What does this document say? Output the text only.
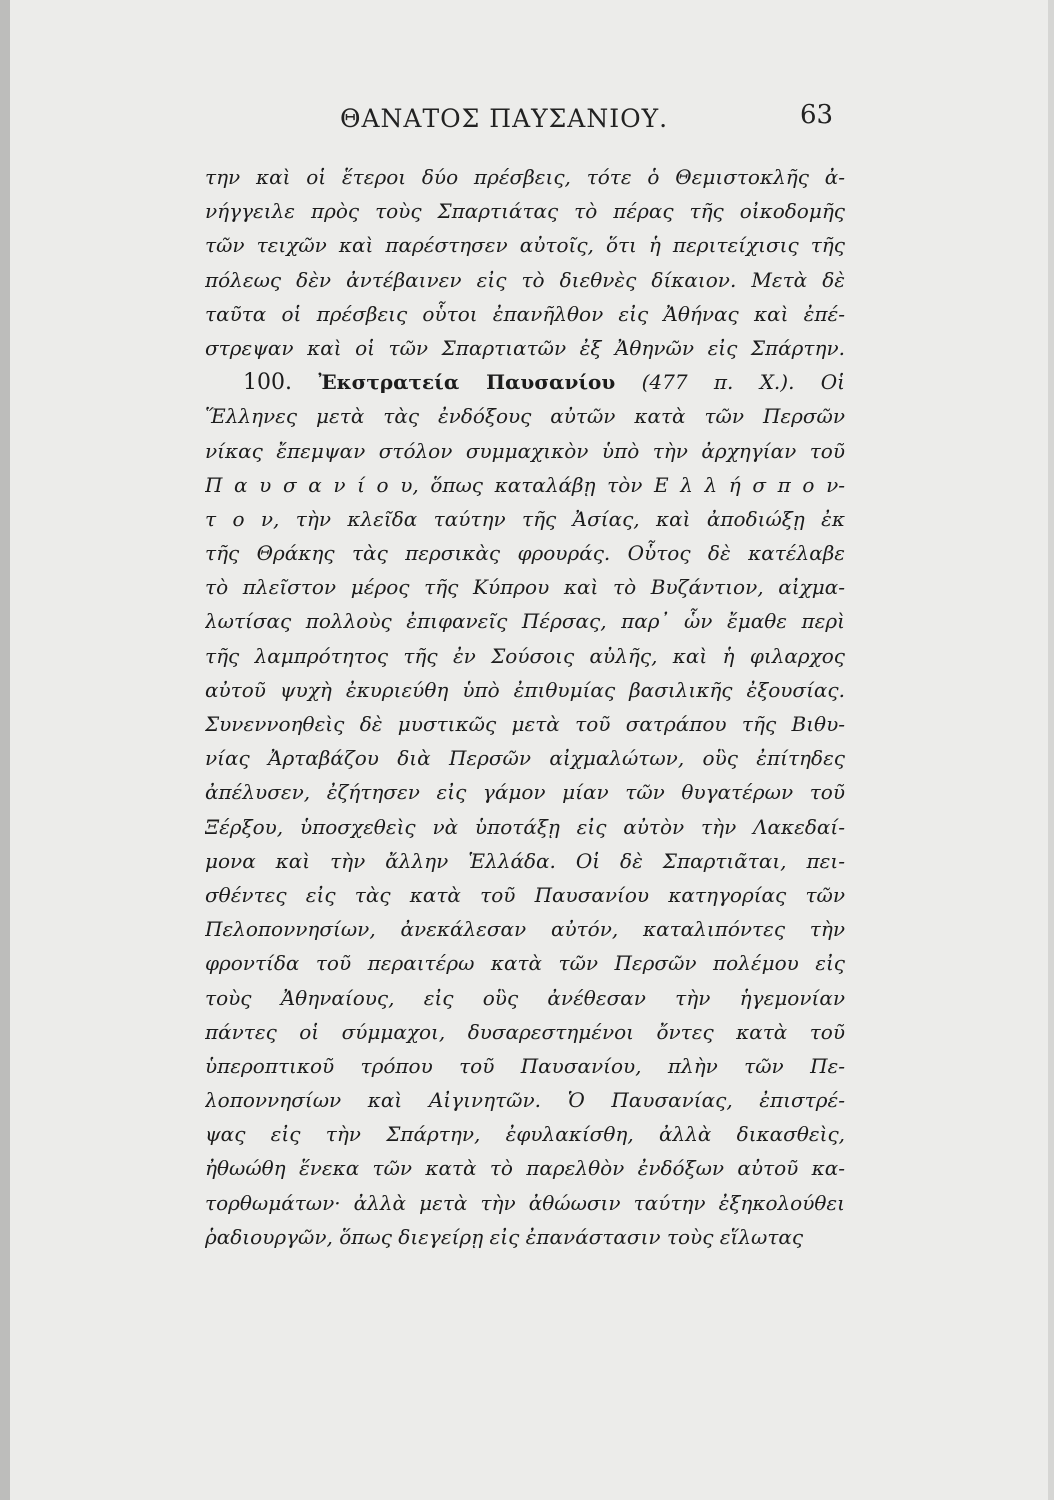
ΘΑΝΑΤΟΣ ΠΑΥΣΑΝΙΟΥ.	63
την καὶ οἱ ἕτεροι δύο πρέσβεις, τότε ὁ Θεμιστοκλῆς ἀ-
νήγγειλε πρὸς τοὺς Σπαρτιάτας τὸ πέρας τῆς οἰκοδομῆς
τῶν τειχῶν καὶ παρέστησεν αὐτοῖς, ὅτι ἡ περιτείχισις τῆς
πόλεως δὲν ἀντέβαινεν εἰς τὸ διεθνὲς δίκαιον. Μετὰ δὲ
ταῦτα οἱ πρέσβεις οὗτοι ἐπανῆλθον εἰς Ἀθήνας καὶ ἐπέ-
στρεψαν καὶ οἱ τῶν Σπαρτιατῶν ἐξ Ἀθηνῶν εἰς Σπάρτην.
100. Ἐκστρατεία Παυσανίου (477 π. Χ.). Οἱ
Ἕλληνες μετὰ τὰς ἐνδόξους αὐτῶν κατὰ τῶν Περσῶν
νίκας ἔπεμψαν στόλον συμμαχικὸν ὑπὸ τὴν ἀρχηγίαν τοῦ
Π α υ σ α ν ί ο υ, ὅπως καταλάβῃ τὸν Ε λ λ ή σ π ο ν-
τ ο ν, τὴν κλεῖδα ταύτην τῆς Ἀσίας, καὶ ἀποδιώξῃ ἐκ
τῆς Θράκης τὰς περσικὰς φρουράς. Οὗτος δὲ κατέλαβε
τὸ πλεῖστον μέρος τῆς Κύπρου καὶ τὸ Βυζάντιον, αἰχμα-
λωτίσας πολλοὺς ἐπιφανεῖς Πέρσας, παρ᾽ ὧν ἔμαθε περὶ
τῆς λαμπρότητος τῆς ἐν Σούσοις αὐλῆς, καὶ ἡ φιλαρχος
αὐτοῦ ψυχὴ ἐκυριεύθη ὑπὸ ἐπιθυμίας βασιλικῆς ἐξουσίας.
Συνεννοηθεὶς δὲ μυστικῶς μετὰ τοῦ σατράπου τῆς Βιθυ-
νίας Ἀρταβάζου διὰ Περσῶν αἰχμαλώτων, οὓς ἐπίτηδες
ἀπέλυσεν, ἐζήτησεν εἰς γάμον μίαν τῶν θυγατέρων τοῦ
Ξέρξου, ὑποσχεθεὶς νὰ ὑποτάξῃ εἰς αὐτὸν τὴν Λακεδαί-
μονα καὶ τὴν ἄλλην Ἑλλάδα. Οἱ δὲ Σπαρτιᾶται, πει-
σθέντες εἰς τὰς κατὰ τοῦ Παυσανίου κατηγορίας τῶν
Πελοποννησίων, ἀνεκάλεσαν αὐτόν, καταλιπόντες τὴν
φροντίδα τοῦ περαιτέρω κατὰ τῶν Περσῶν πολέμου εἰς
τοὺς Ἀθηναίους, εἰς οὓς ἀνέθεσαν τὴν ἡγεμονίαν
πάντες οἱ σύμμαχοι, δυσαρεστημένοι ὄντες κατὰ τοῦ
ὑπεροπτικοῦ τρόπου τοῦ Παυσανίου, πλὴν τῶν Πε-
λοποννησίων καὶ Αἰγινητῶν. Ὁ Παυσανίας, ἐπιστρέ-
ψας εἰς τὴν Σπάρτην, ἐφυλακίσθη, ἀλλὰ δικασθεὶς,
ἠθωώθη ἕνεκα τῶν κατὰ τὸ παρελθὸν ἐνδόξων αὐτοῦ κα-
τορθωμάτων· ἀλλὰ μετὰ τὴν ἀθώωσιν ταύτην ἐξηκολούθει
ῥαδιουργῶν, ὅπως διεγείρῃ εἰς ἐπανάστασιν τοὺς εἵλωτας
